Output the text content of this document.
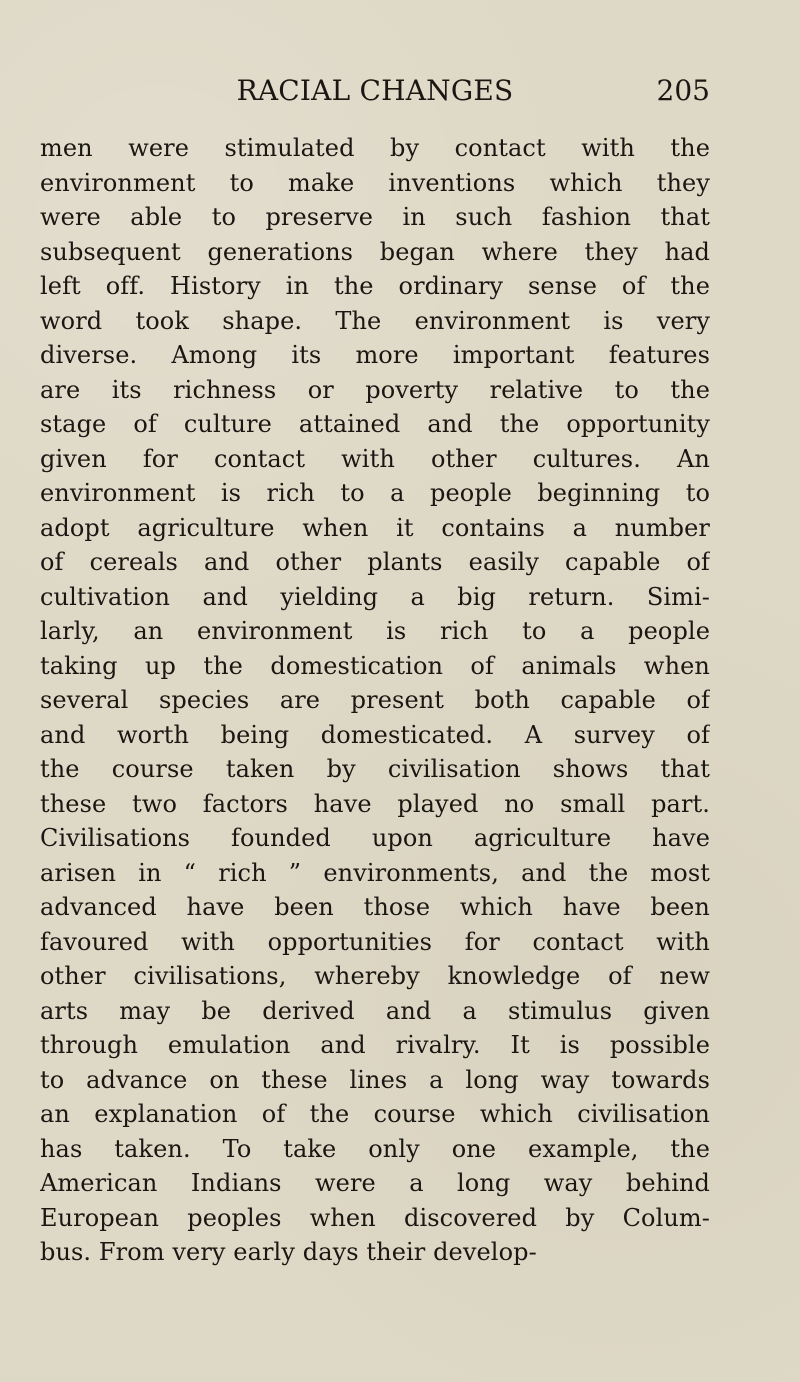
RACIAL CHANGES	205
men were stimulated by contact with the
environment to make inventions which they
were able to preserve in such fashion that
subsequent generations began where they had
left off. History in the ordinary sense of the
word took shape. The environment is very
diverse. Among its more important features
are its richness or poverty relative to the
stage of culture attained and the opportunity
given for contact with other cultures. An
environment is rich to a people beginning to
adopt agriculture when it contains a number
of cereals and other plants easily capable of
cultivation and yielding a big return. Simi-
larly, an environment is rich to a people
taking up the domestication of animals when
several species are present both capable of
and worth being domesticated. A survey of
the course taken by civilisation shows that
these two factors have played no small part.
Civilisations founded upon agriculture have
arisen in “ rich ” environments, and the most
advanced have been those which have been
favoured with opportunities for contact with
other civilisations, whereby knowledge of new
arts may be derived and a stimulus given
through emulation and rivalry. It is possible
to advance on these lines a long way towards
an explanation of the course which civilisation
has taken. To take only one example, the
American Indians were a long way behind
European peoples when discovered by Colum-
bus. From very early days their develop-
